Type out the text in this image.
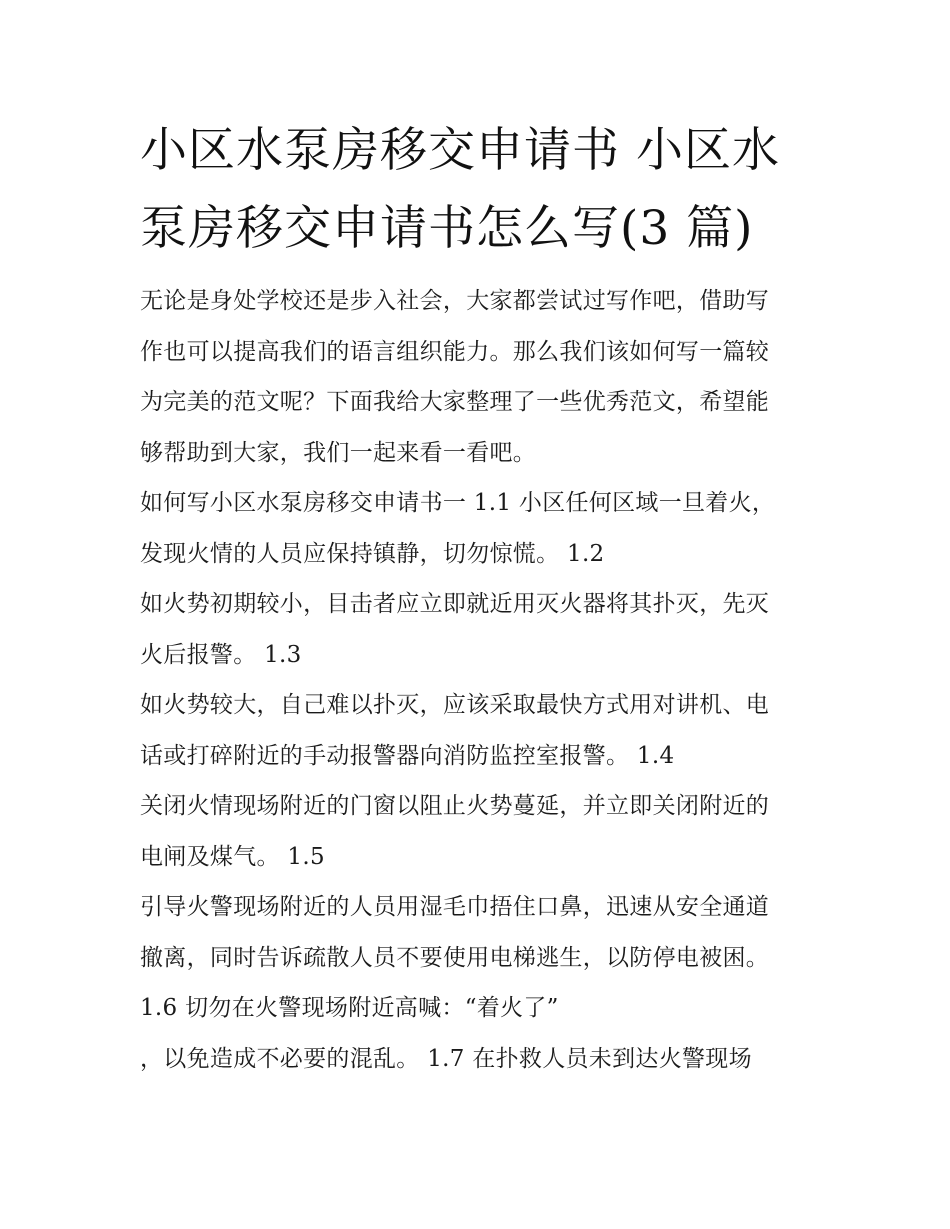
小区水泵房移交申请书 小区水
泵房移交申请书怎么写(3 篇)
无论是身处学校还是步入社会，大家都尝试过写作吧，借助写
作也可以提高我们的语言组织能力。那么我们该如何写一篇较
为完美的范文呢？下面我给大家整理了一些优秀范文，希望能
够帮助到大家，我们一起来看一看吧。
如何写小区水泵房移交申请书一 1.1 小区任何区域一旦着火，
发现火情的人员应保持镇静，切勿惊慌。 1.2
如火势初期较小，目击者应立即就近用灭火器将其扑灭，先灭
火后报警。 1.3
如火势较大，自己难以扑灭，应该采取最快方式用对讲机、电
话或打碎附近的手动报警器向消防监控室报警。 1.4
关闭火情现场附近的门窗以阻止火势蔓延，并立即关闭附近的
电闸及煤气。 1.5
引导火警现场附近的人员用湿毛巾捂住口鼻，迅速从安全通道
撤离，同时告诉疏散人员不要使用电梯逃生，以防停电被困。
1.6 切勿在火警现场附近高喊：“着火了”
，以免造成不必要的混乱。 1.7 在扑救人员未到达火警现场
